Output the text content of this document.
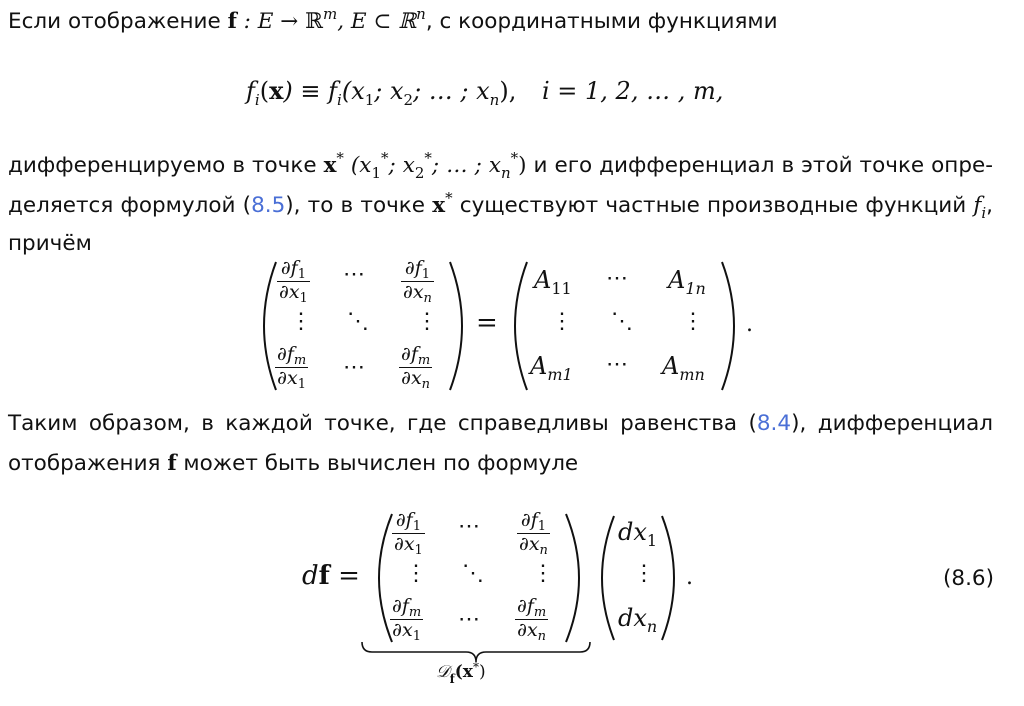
Если отображение f : E → ℝ$^m$, E ⊂ ℝ$^n$, с координатными функциями
$f_i(x) \equiv f_i(x_1$; $x_2$; … ; $x_n$), i = 1, 2, … , m,
дифференцируемо в точке x* ($x_1^*$; $x_2^*$; … ; $x_n^*$) и его дифференциал в этой точке опре-
деляется формулой (8.5), то в точке x* существуют частные производные функций $f_i$,
причём
$\frac{\partial f_1}{\partial x_1}$ ⋯ $\frac{\partial f_1}{\partial x_n}$
⋮ ⋱ ⋮
$\frac{\partial f_m}{\partial x_1}$ ⋯ $\frac{\partial f_m}{\partial x_n}$
=
$A_{11}$ ⋯ $A_{1n}$
⋮ ⋱ ⋮
$A_{m1}$ ⋯ $A_{mn}$
.
Таким образом, в каждой точке, где справедливы равенства (8.4), дифференциал
отображения f может быть вычислен по формуле
df =
$\frac{\partial f_1}{\partial x_1}$ ⋯ $\frac{\partial f_1}{\partial x_n}$
⋮ ⋱ ⋮
$\frac{\partial f_m}{\partial x_1}$ ⋯ $\frac{\partial f_m}{\partial x_n}$
$dx_1$
⋮
$dx_n$
.
𝒟$_f$(x*)
(8.6)
